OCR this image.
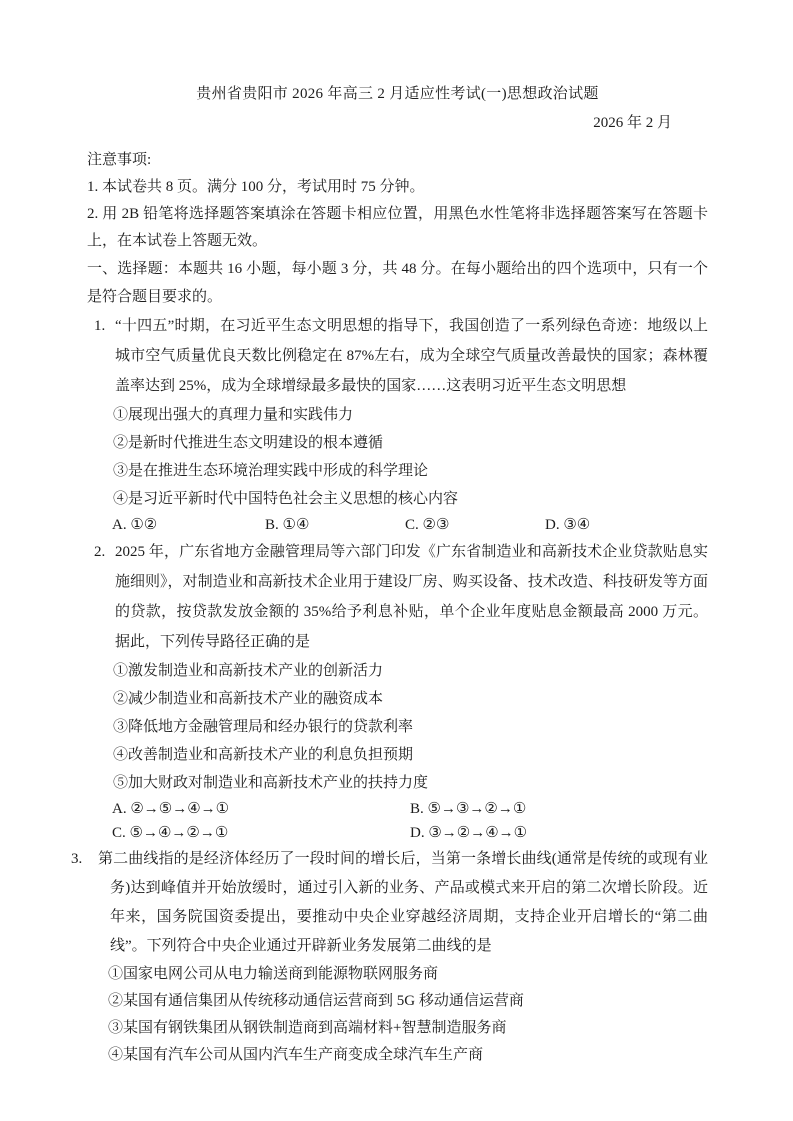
贵州省贵阳市 2026 年高三 2 月适应性考试(一)思想政治试题
2026 年 2 月
注意事项:
1. 本试卷共 8 页。满分 100 分，考试用时 75 分钟。
2. 用 2B 铅笔将选择题答案填涂在答题卡相应位置，用黑色水性笔将非选择题答案写在答题卡上，在本试卷上答题无效。
一、选择题：本题共 16 小题，每小题 3 分，共 48 分。在每小题给出的四个选项中，只有一个是符合题目要求的。
1. “十四五”时期，在习近平生态文明思想的指导下，我国创造了一系列绿色奇迹：地级以上城市空气质量优良天数比例稳定在 87%左右，成为全球空气质量改善最快的国家；森林覆盖率达到 25%，成为全球增绿最多最快的国家……这表明习近平生态文明思想
①展现出强大的真理力量和实践伟力
②是新时代推进生态文明建设的根本遵循
③是在推进生态环境治理实践中形成的科学理论
④是习近平新时代中国特色社会主义思想的核心内容
A. ①②	B. ①④	C. ②③	D. ③④
2. 2025 年，广东省地方金融管理局等六部门印发《广东省制造业和高新技术企业贷款贴息实施细则》，对制造业和高新技术企业用于建设厂房、购买设备、技术改造、科技研发等方面的贷款，按贷款发放金额的 35%给予利息补贴，单个企业年度贴息金额最高 2000 万元。据此，下列传导路径正确的是
①激发制造业和高新技术产业的创新活力
②减少制造业和高新技术产业的融资成本
③降低地方金融管理局和经办银行的贷款利率
④改善制造业和高新技术产业的利息负担预期
⑤加大财政对制造业和高新技术产业的扶持力度
A. ②→⑤→④→①	B. ⑤→③→②→①
C. ⑤→④→②→①	D. ③→②→④→①
3. 第二曲线指的是经济体经历了一段时间的增长后，当第一条增长曲线(通常是传统的或现有业务)达到峰值并开始放缓时，通过引入新的业务、产品或模式来开启的第二次增长阶段。近年来，国务院国资委提出，要推动中央企业穿越经济周期，支持企业开启增长的“第二曲线”。下列符合中央企业通过开辟新业务发展第二曲线的是
①国家电网公司从电力输送商到能源物联网服务商
②某国有通信集团从传统移动通信运营商到 5G 移动通信运营商
③某国有钢铁集团从钢铁制造商到高端材料+智慧制造服务商
④某国有汽车公司从国内汽车生产商变成全球汽车生产商
